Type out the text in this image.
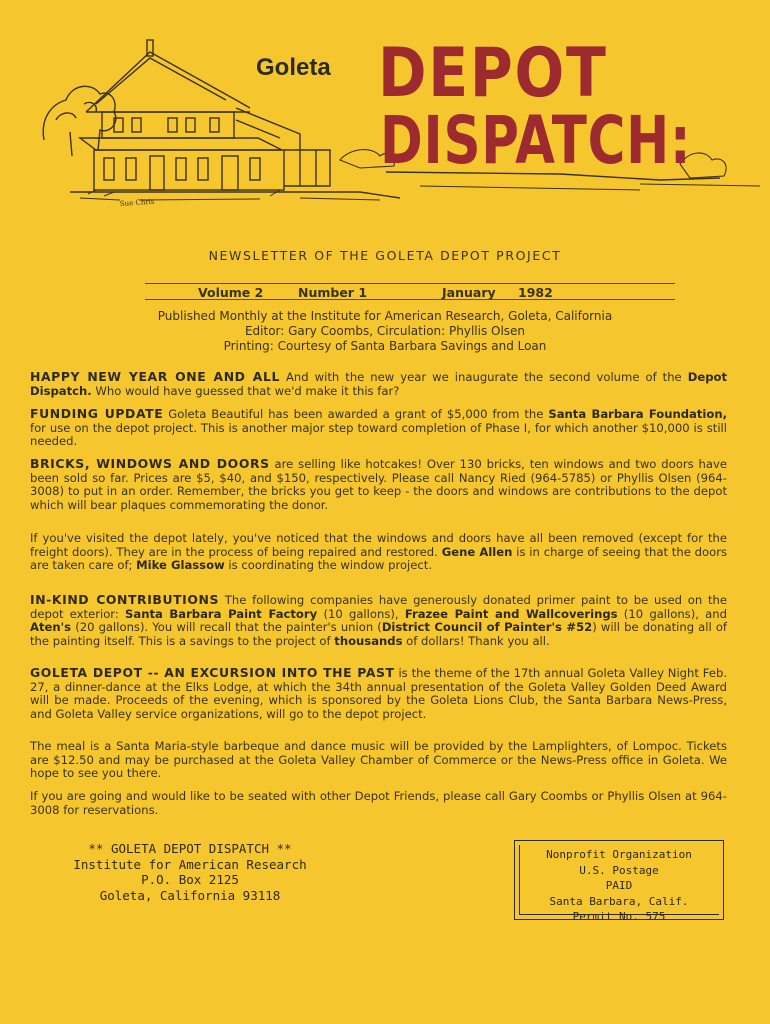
Sue Chris
Goleta DEPOT
DISPATCH:
NEWSLETTER OF THE GOLETA DEPOT PROJECT
Volume 2	Number 1	January 1982
Published Monthly at the Institute for American Research, Goleta, California
Editor: Gary Coombs, Circulation: Phyllis Olsen
Printing: Courtesy of Santa Barbara Savings and Loan

HAPPY NEW YEAR ONE AND ALL And with the new year we inaugurate the second volume of the Depot Dispatch. Who would have guessed that we'd make it this far?

FUNDING UPDATE Goleta Beautiful has been awarded a grant of $5,000 from the Santa Barbara Foundation, for use on the depot project. This is another major step toward completion of Phase I, for which another $10,000 is still needed.

BRICKS, WINDOWS AND DOORS are selling like hotcakes! Over 130 bricks, ten windows and two doors have been sold so far. Prices are $5, $40, and $150, respectively. Please call Nancy Ried (964-5785) or Phyllis Olsen (964-3008) to put in an order. Remember, the bricks you get to keep - the doors and windows are contributions to the depot which will bear plaques commemorating the donor.

If you've visited the depot lately, you've noticed that the windows and doors have all been removed (except for the freight doors). They are in the process of being repaired and restored. Gene Allen is in charge of seeing that the doors are taken care of; Mike Glassow is coordinating the window project.

IN-KIND CONTRIBUTIONS The following companies have generously donated primer paint to be used on the depot exterior: Santa Barbara Paint Factory (10 gallons), Frazee Paint and Wallcoverings (10 gallons), and Aten's (20 gallons). You will recall that the painter's union (District Council of Painter's #52) will be donating all of the painting itself. This is a savings to the project of thousands of dollars! Thank you all.

GOLETA DEPOT -- AN EXCURSION INTO THE PAST is the theme of the 17th annual Goleta Valley Night Feb. 27, a dinner-dance at the Elks Lodge, at which the 34th annual presentation of the Goleta Valley Golden Deed Award will be made. Proceeds of the evening, which is sponsored by the Goleta Lions Club, the Santa Barbara News-Press, and Goleta Valley service organizations, will go to the depot project.

The meal is a Santa Maria-style barbeque and dance music will be provided by the Lamplighters, of Lompoc. Tickets are $12.50 and may be purchased at the Goleta Valley Chamber of Commerce or the News-Press office in Goleta. We hope to see you there.

If you are going and would like to be seated with other Depot Friends, please call Gary Coombs or Phyllis Olsen at 964-3008 for reservations.

** GOLETA DEPOT DISPATCH **
Institute for American Research
P.O. Box 2125
Goleta, California 93118
Nonprofit Organization
U.S. Postage
PAID
Santa Barbara, Calif.
Permit No. 575
